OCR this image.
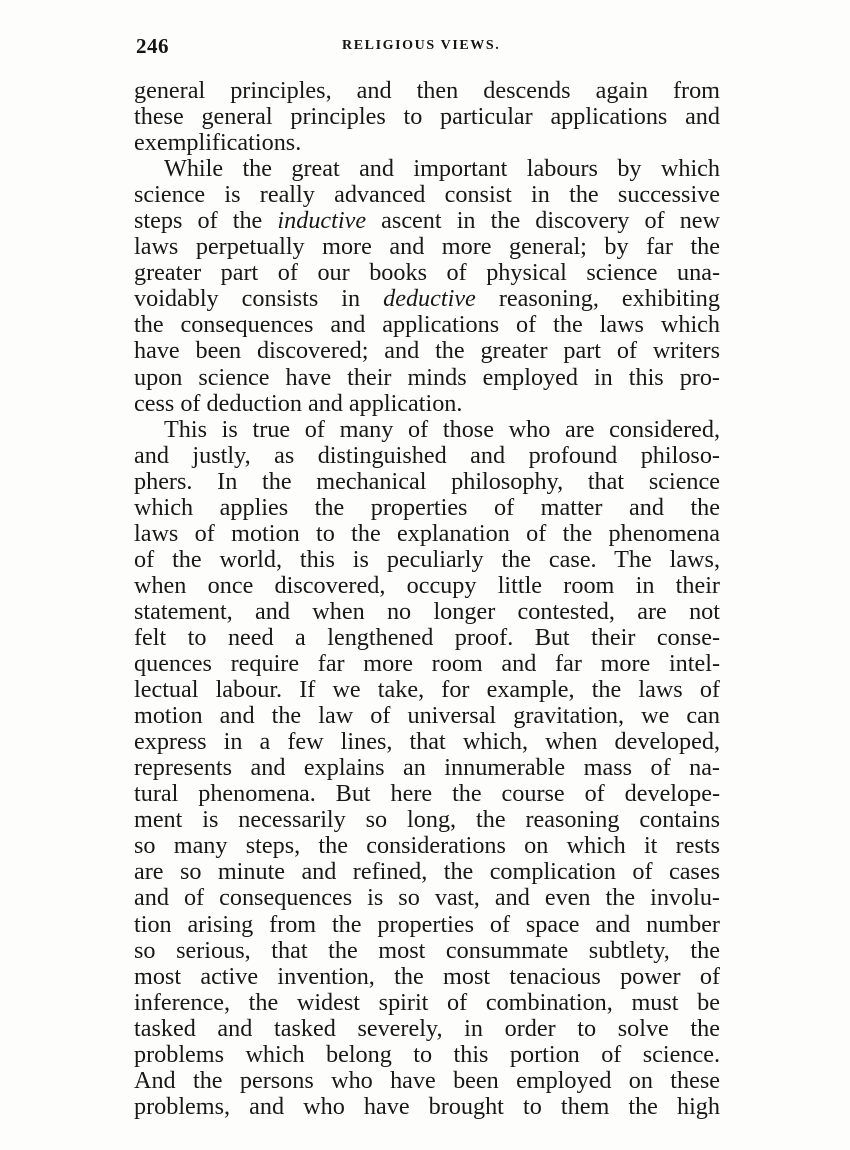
246	RELIGIOUS VIEWS.
general principles, and then descends again from
these general principles to particular applications and
exemplifications.
While the great and important labours by which
science is really advanced consist in the successive
steps of the inductive ascent in the discovery of new
laws perpetually more and more general; by far the
greater part of our books of physical science una-
voidably consists in deductive reasoning, exhibiting
the consequences and applications of the laws which
have been discovered; and the greater part of writers
upon science have their minds employed in this pro-
cess of deduction and application.
This is true of many of those who are considered,
and justly, as distinguished and profound philoso-
phers. In the mechanical philosophy, that science
which applies the properties of matter and the
laws of motion to the explanation of the phenomena
of the world, this is peculiarly the case. The laws,
when once discovered, occupy little room in their
statement, and when no longer contested, are not
felt to need a lengthened proof. But their conse-
quences require far more room and far more intel-
lectual labour. If we take, for example, the laws of
motion and the law of universal gravitation, we can
express in a few lines, that which, when developed,
represents and explains an innumerable mass of na-
tural phenomena. But here the course of develope-
ment is necessarily so long, the reasoning contains
so many steps, the considerations on which it rests
are so minute and refined, the complication of cases
and of consequences is so vast, and even the involu-
tion arising from the properties of space and number
so serious, that the most consummate subtlety, the
most active invention, the most tenacious power of
inference, the widest spirit of combination, must be
tasked and tasked severely, in order to solve the
problems which belong to this portion of science.
And the persons who have been employed on these
problems, and who have brought to them the high
